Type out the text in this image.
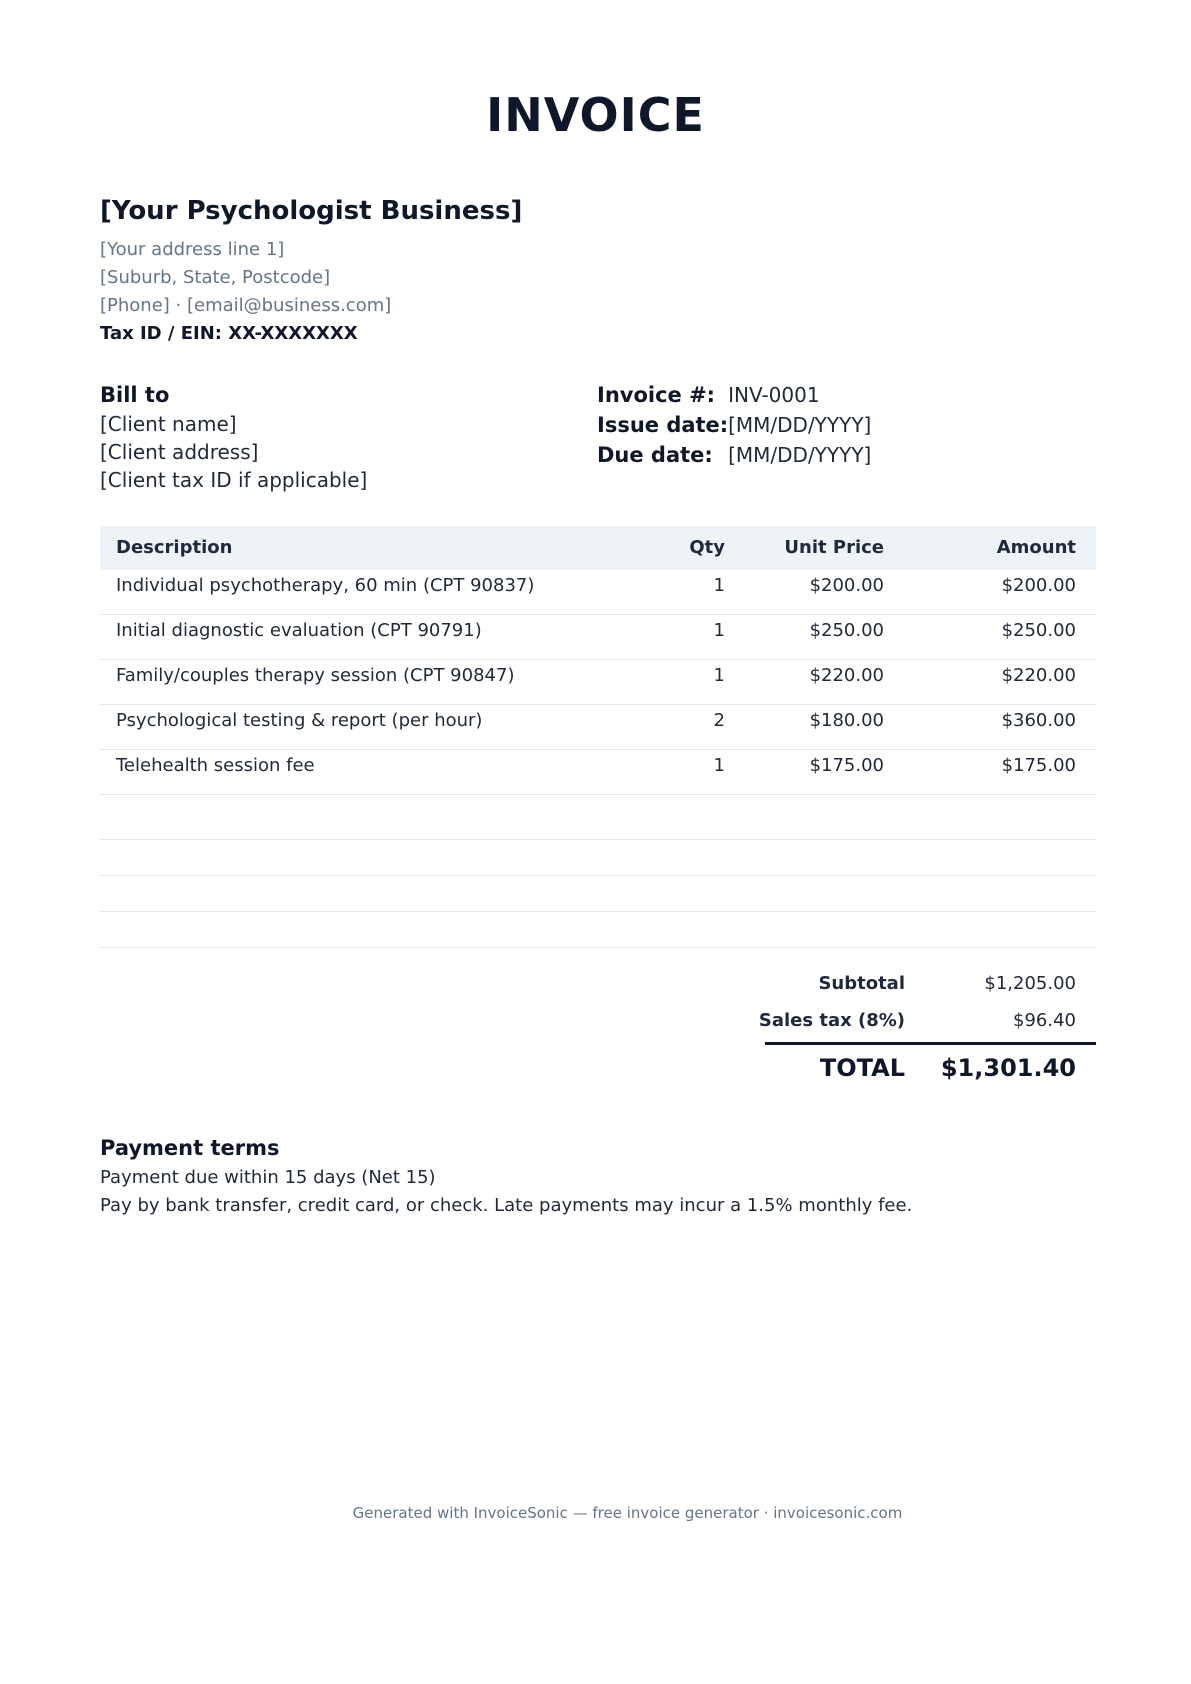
INVOICE
[Your Psychologist Business]
[Your address line 1]
[Suburb, State, Postcode]
[Phone] · [email@business.com]
Tax ID / EIN: XX-XXXXXXX
Bill to
[Client name]
[Client address]
[Client tax ID if applicable]
Invoice #: INV-0001
Issue date: [MM/DD/YYYY]
Due date: [MM/DD/YYYY]
Description	Qty	Unit Price	Amount
Individual psychotherapy, 60 min (CPT 90837)	1	$200.00	$200.00
Initial diagnostic evaluation (CPT 90791)	1	$250.00	$250.00
Family/couples therapy session (CPT 90847)	1	$220.00	$220.00
Psychological testing & report (per hour)	2	$180.00	$360.00
Telehealth session fee	1	$175.00	$175.00
Subtotal	$1,205.00
Sales tax (8%)	$96.40
TOTAL $1,301.40
Payment terms
Payment due within 15 days (Net 15)
Pay by bank transfer, credit card, or check. Late payments may incur a 1.5% monthly fee.
Generated with InvoiceSonic — free invoice generator · invoicesonic.com
